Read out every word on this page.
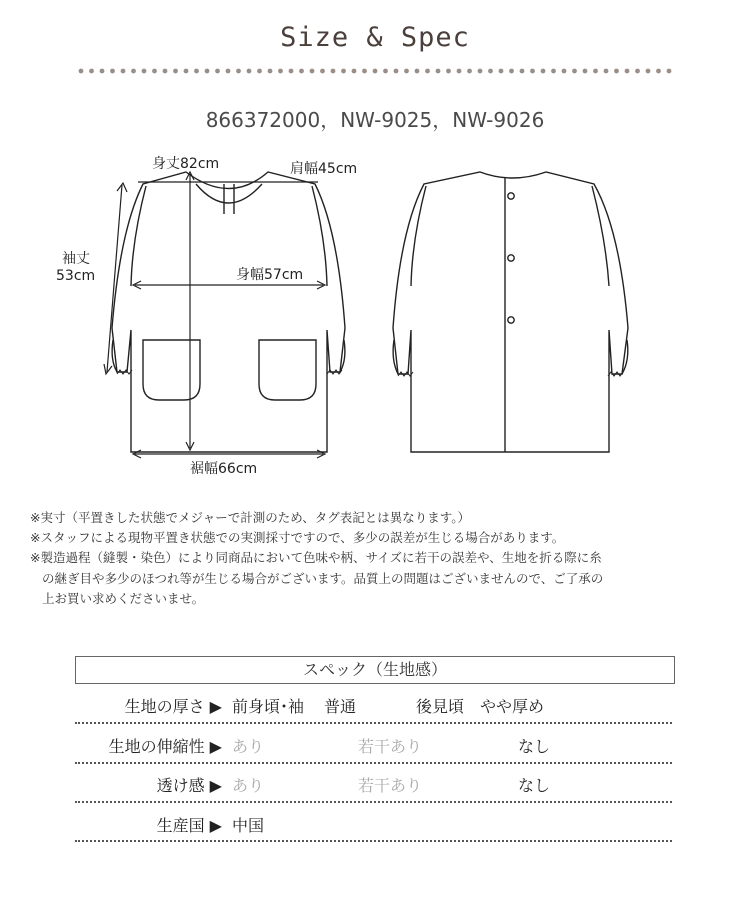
Size & Spec
866372000，NW-9025，NW-9026
身丈82cm	肩幅45cm
袖丈
53cm	身幅57cm
裾幅66cm
※実寸（平置きした状態でメジャーで計測のため、タグ表記とは異なります。）
※スタッフによる現物平置き状態での実測採寸ですので、多少の誤差が生じる場合があります。
※製造過程（縫製・染色）により同商品において色味や柄、サイズに若干の誤差や、生地を折る際に糸
の継ぎ目や多少のほつれ等が生じる場合がございます。品質上の問題はございませんので、ご了承の
上お買い求めくださいませ。
スペック（生地感）
生地の厚さ ▶ 前身頃･袖 普通	後見頃 やや厚め
生地の伸縮性 ▶ あり	若干あり	なし
透け感 ▶ あり	若干あり	なし
生産国 ▶ 中国
